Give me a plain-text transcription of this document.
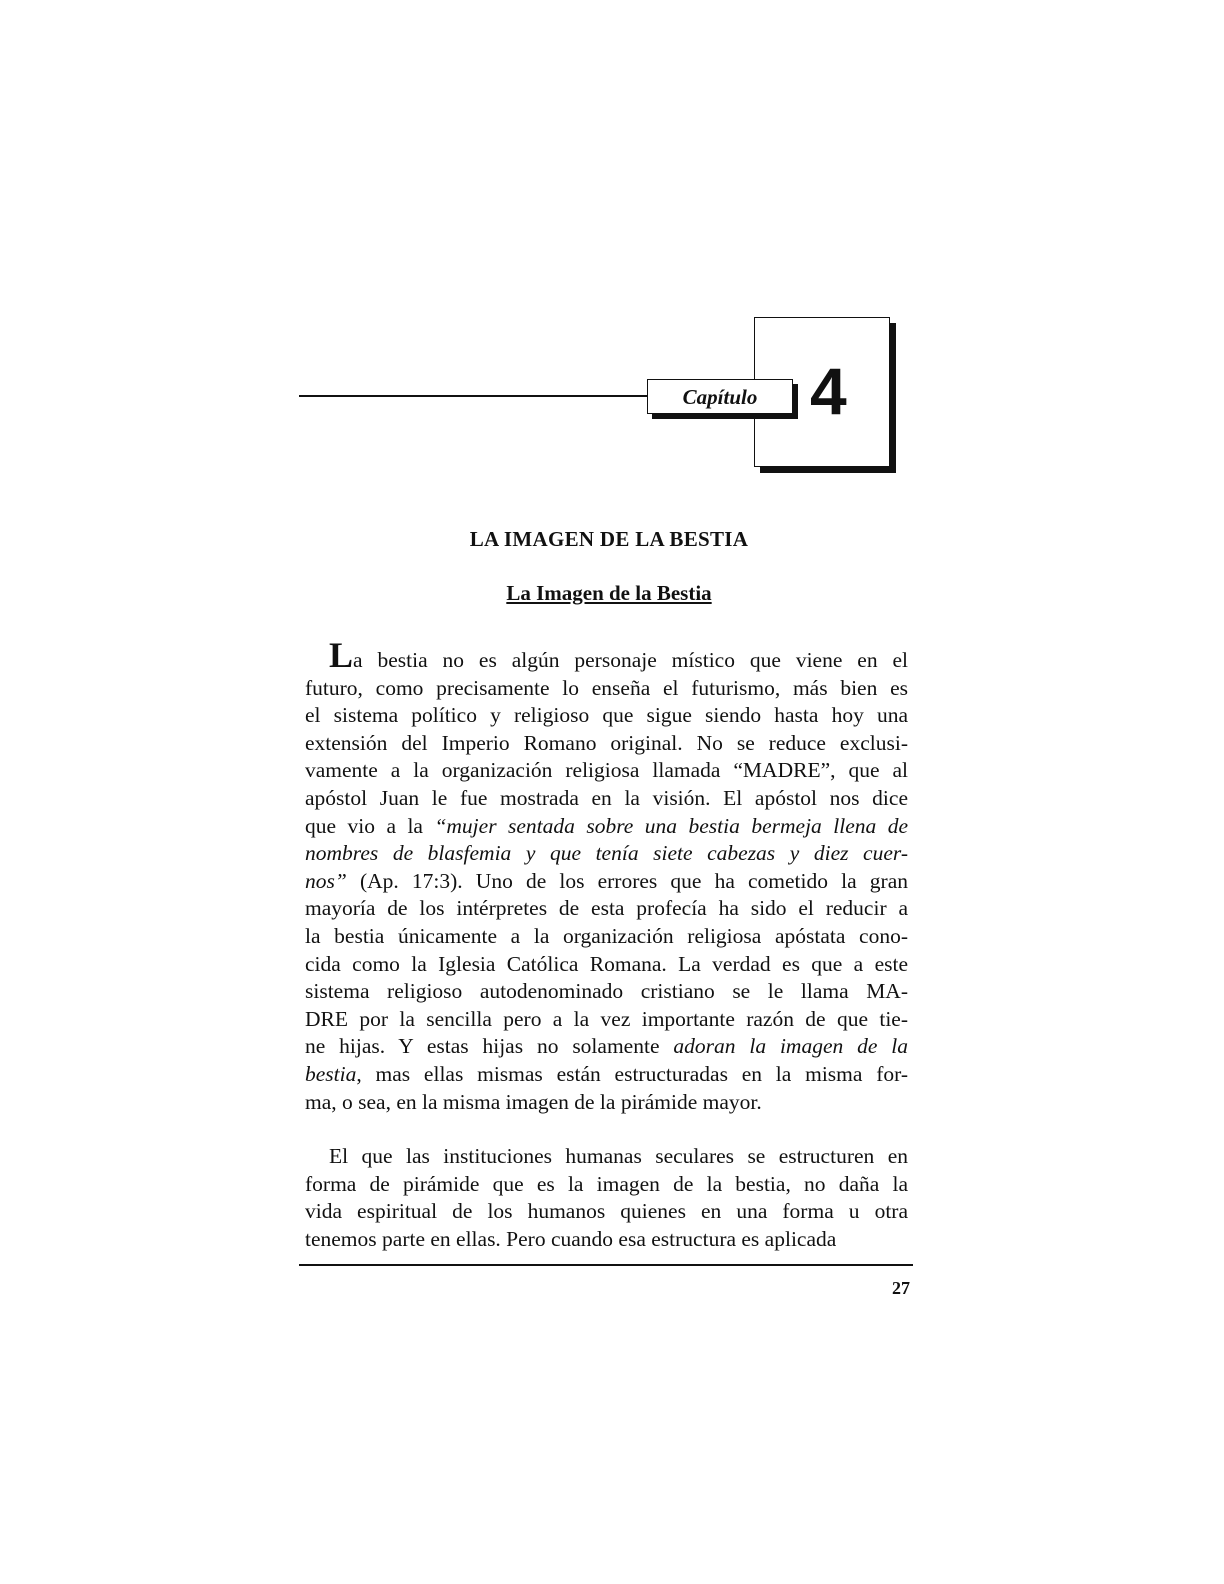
Capítulo 4
LA IMAGEN DE LA BESTIA
La Imagen de la Bestia
La bestia no es algún personaje místico que viene en el
futuro, como precisamente lo enseña el futurismo, más bien es
el sistema político y religioso que sigue siendo hasta hoy una
extensión del Imperio Romano original. No se reduce exclusi-
vamente a la organización religiosa llamada “MADRE”, que al
apóstol Juan le fue mostrada en la visión. El apóstol nos dice
que vio a la “mujer sentada sobre una bestia bermeja llena de
nombres de blasfemia y que tenía siete cabezas y diez cuer-
nos” (Ap. 17:3). Uno de los errores que ha cometido la gran
mayoría de los intérpretes de esta profecía ha sido el reducir a
la bestia únicamente a la organización religiosa apóstata cono-
cida como la Iglesia Católica Romana. La verdad es que a este
sistema religioso autodenominado cristiano se le llama MA-
DRE por la sencilla pero a la vez importante razón de que tie-
ne hijas. Y estas hijas no solamente adoran la imagen de la
bestia, mas ellas mismas están estructuradas en la misma for-
ma, o sea, en la misma imagen de la pirámide mayor.
El que las instituciones humanas seculares se estructuren en
forma de pirámide que es la imagen de la bestia, no daña la
vida espiritual de los humanos quienes en una forma u otra
tenemos parte en ellas. Pero cuando esa estructura es aplicada
27
